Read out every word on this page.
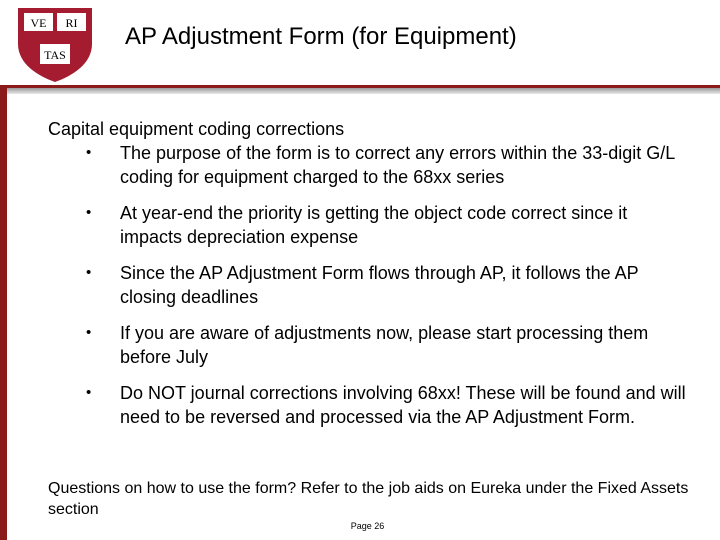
VE RI
TAS
AP Adjustment Form (for Equipment)
Capital equipment coding corrections
• The purpose of the form is to correct any errors within the 33-digit G/L coding for equipment charged to the 68xx series
• At year-end the priority is getting the object code correct since it impacts depreciation expense
• Since the AP Adjustment Form flows through AP, it follows the AP closing deadlines
• If you are aware of adjustments now, please start processing them before July
• Do NOT journal corrections involving 68xx! These will be found and will need to be reversed and processed via the AP Adjustment Form.
Questions on how to use the form? Refer to the job aids on Eureka under the Fixed Assets section
Page 26
